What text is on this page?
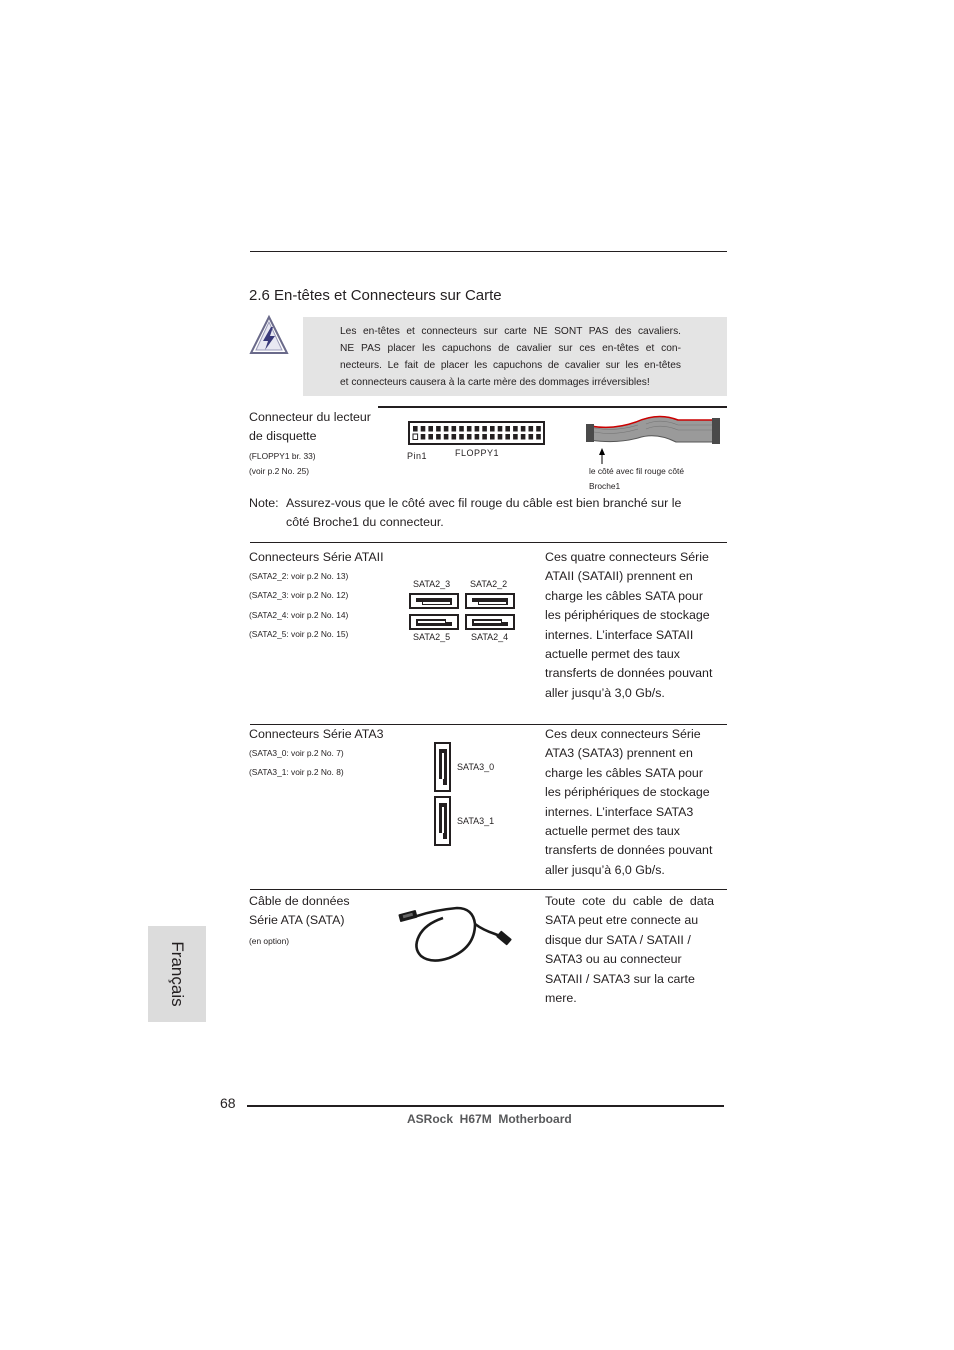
2.6 En-têtes et Connecteurs sur Carte

Les en-têtes et connecteurs sur carte NE SONT PAS des cavaliers.

NE PAS placer les capuchons de cavalier sur ces en-têtes et con-

necteurs. Le fait de placer les capuchons de cavalier sur les en-têtes

et connecteurs causera à la carte mère des dommages irréversibles!

Connecteur du lecteur
de disquette
(FLOPPY1 br. 33)
(voir p.2 No. 25)
Pin1	FLOPPY1
le côté avec fil rouge côté
Broche1
Note: Assurez-vous que le côté avec fil rouge du câble est bien branché sur le
côté Broche1 du connecteur.
Connecteurs Série ATAII
(SATA2_2: voir p.2 No. 13)
(SATA2_3: voir p.2 No. 12)
(SATA2_4: voir p.2 No. 14)
(SATA2_5: voir p.2 No. 15)
SATA2_3 SATA2_2
SATA2_5 SATA2_4
Ces quatre connecteurs Série
ATAII (SATAII) prennent en
charge les câbles SATA pour
les périphériques de stockage
internes. L’interface SATAII
actuelle permet des taux
transferts de données pouvant
aller jusqu’à 3,0 Gb/s.
Connecteurs Série ATA3
(SATA3_0: voir p.2 No. 7)
(SATA3_1: voir p.2 No. 8)
SATA3_0
SATA3_1
Ces deux connecteurs Série
ATA3 (SATA3) prennent en
charge les câbles SATA pour
les périphériques de stockage
internes. L’interface SATA3
actuelle permet des taux
transferts de données pouvant
aller jusqu’à 6,0 Gb/s.
Câble de données
Série ATA (SATA)
(en option)
Toute cote du cable de data
SATA peut etre connecte au
disque dur SATA / SATAII /
SATA3 ou au connecteur
SATAII / SATA3 sur la carte
mere.
Français
68
ASRock  H67M  Motherboard
